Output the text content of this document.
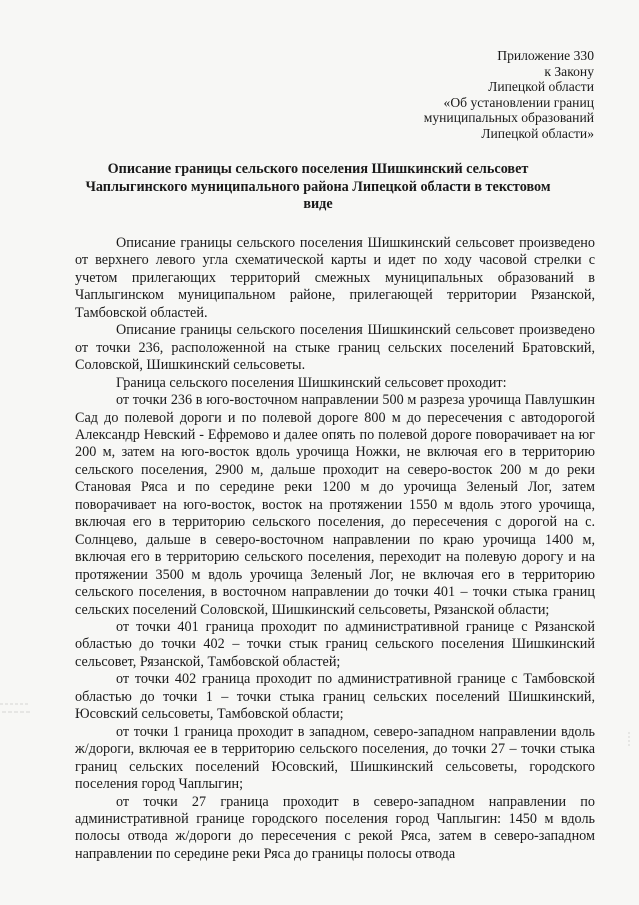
Приложение 330
к Закону
Липецкой области
«Об установлении границ
муниципальных образований
Липецкой области»
Описание границы сельского поселения Шишкинский сельсовет Чаплыгинского муниципального района Липецкой области в текстовом виде

Описание границы сельского поселения Шишкинский сельсовет произведено от верхнего левого угла схематической карты и идет по ходу часовой стрелки с учетом прилегающих территорий смежных муниципальных образований в Чаплыгинском муниципальном районе, прилегающей территории Рязанской, Тамбовской областей.

Описание границы сельского поселения Шишкинский сельсовет произведено от точки 236, расположенной на стыке границ сельских поселений Братовский, Соловской, Шишкинский сельсоветы.

Граница сельского поселения Шишкинский сельсовет проходит:

от точки 236 в юго-восточном направлении 500 м разреза урочища Павлушкин Сад до полевой дороги и по полевой дороге 800 м до пересечения с автодорогой Александр Невский - Ефремово и далее опять по полевой дороге поворачивает на юг 200 м, затем на юго-восток вдоль урочища Ножки, не включая его в территорию сельского поселения, 2900 м, дальше проходит на северо-восток 200 м до реки Становая Ряса и по середине реки 1200 м до урочища Зеленый Лог, затем поворачивает на юго-восток, восток на протяжении 1550 м вдоль этого урочища, включая его в территорию сельского поселения, до пересечения с дорогой на с. Солнцево, дальше в северо-восточном направлении по краю урочища 1400 м, включая его в территорию сельского поселения, переходит на полевую дорогу и на протяжении 3500 м вдоль урочища Зеленый Лог, не включая его в территорию сельского поселения, в восточном направлении до точки 401 – точки стыка границ сельских поселений Соловской, Шишкинский сельсоветы, Рязанской области;

от точки 401 граница проходит по административной границе с Рязанской областью до точки 402 – точки стык границ сельского поселения Шишкинский сельсовет, Рязанской, Тамбовской областей;

от точки 402 граница проходит по административной границе с Тамбовской областью до точки 1 – точки стыка границ сельских поселений Шишкинский, Юсовский сельсоветы, Тамбовской области;

от точки 1 граница проходит в западном, северо-западном направлении вдоль ж/дороги, включая ее в территорию сельского поселения, до точки 27 – точки стыка границ сельских поселений Юсовский, Шишкинский сельсоветы, городского поселения город Чаплыгин;

от точки 27 граница проходит в северо-западном направлении по административной границе городского поселения город Чаплыгин: 1450 м вдоль полосы отвода ж/дороги до пересечения с рекой Ряса, затем в северо-западном направлении по середине реки Ряса до границы полосы отвода
